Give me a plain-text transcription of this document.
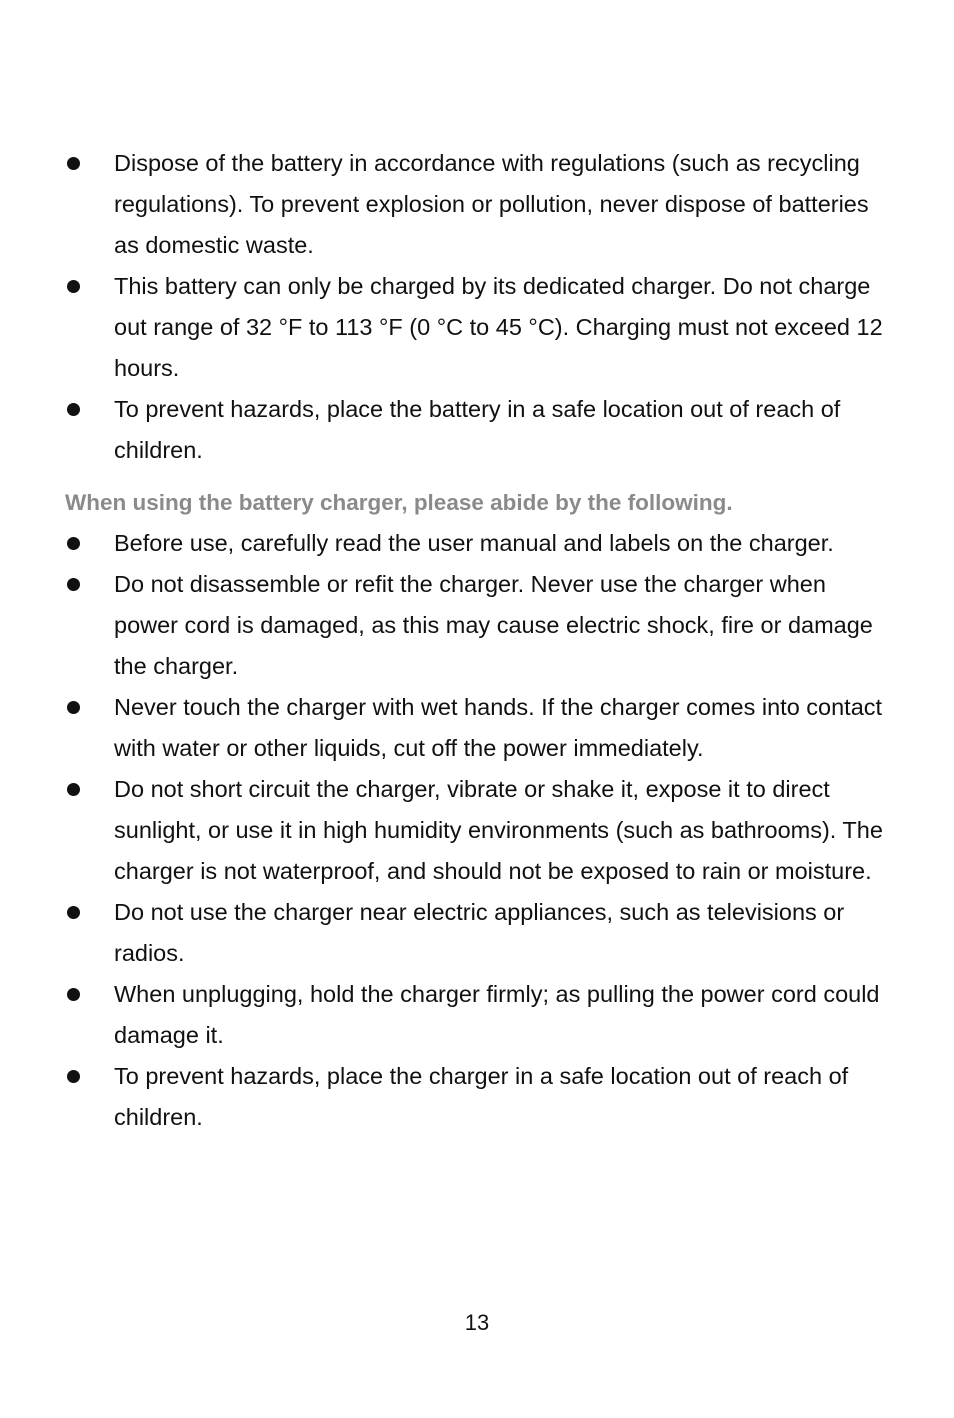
Dispose of the battery in accordance with regulations (such as recycling regulations). To prevent explosion or pollution, never dispose of batteries as domestic waste.
This battery can only be charged by its dedicated charger. Do not charge out range of 32 °F to 113 °F (0 °C to 45 °C). Charging must not exceed 12 hours.
To prevent hazards, place the battery in a safe location out of reach of children.

When using the battery charger, please abide by the following.

Before use, carefully read the user manual and labels on the charger.
Do not disassemble or refit the charger. Never use the charger when power cord is damaged, as this may cause electric shock, fire or damage the charger.
Never touch the charger with wet hands. If the charger comes into contact with water or other liquids, cut off the power immediately.
Do not short circuit the charger, vibrate or shake it, expose it to direct sunlight, or use it in high humidity environments (such as bathrooms). The charger is not waterproof, and should not be exposed to rain or moisture.
Do not use the charger near electric appliances, such as televisions or radios.
When unplugging, hold the charger firmly; as pulling the power cord could damage it.
To prevent hazards, place the charger in a safe location out of reach of children.
13
